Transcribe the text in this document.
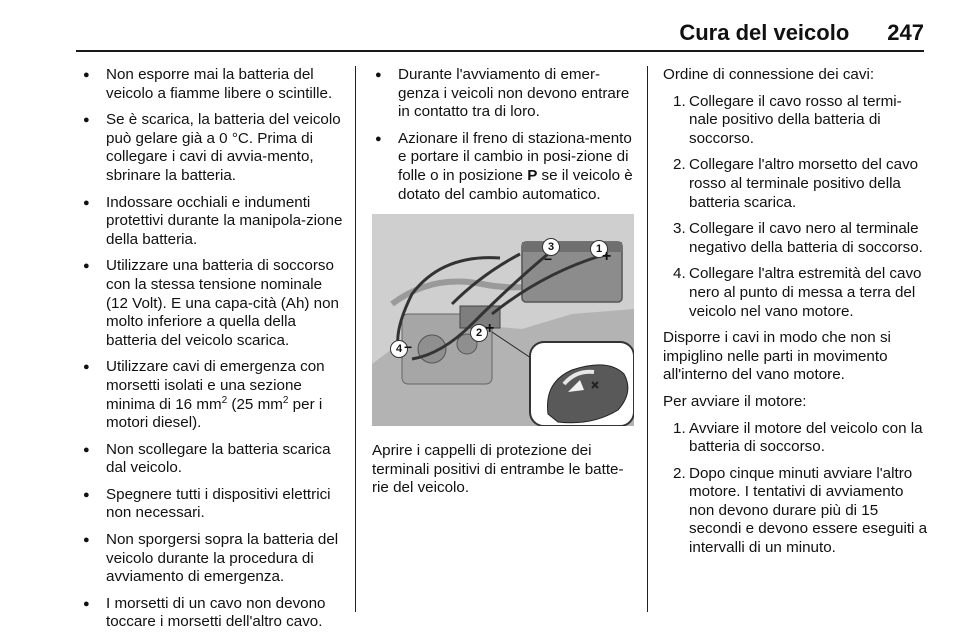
Cura del veicolo 247
● Non esporre mai la batteria del veicolo a fiamme libere o scintille.
● Se è scarica, la batteria del veicolo può gelare già a 0 °C. Prima di collegare i cavi di avvia-mento, sbrinare la batteria.
● Indossare occhiali e indumenti protettivi durante la manipola-zione della batteria.
● Utilizzare una batteria di soccorso con la stessa tensione nominale (12 Volt). E una capa-cità (Ah) non molto inferiore a quella della batteria del veicolo scarica.
● Utilizzare cavi di emergenza con morsetti isolati e una sezione minima di 16 $mm^2$ (25 $mm^2$ per i motori diesel).
● Non scollegare la batteria scarica dal veicolo.
● Spegnere tutti i dispositivi elettrici non necessari.
● Non sporgersi sopra la batteria del veicolo durante la procedura di avviamento di emergenza.
● I morsetti di un cavo non devono toccare i morsetti dell'altro cavo.
● Durante l'avviamento di emer-genza i veicoli non devono entrare in contatto tra di loro.
● Azionare il freno di staziona-mento e portare il cambio in posi-zione di folle o in posizione P se il veicolo è dotato del cambio automatico.
3
−
1 +
2 +
4 −

Aprire i cappelli di protezione dei terminali positivi di entrambe le batte-rie del veicolo.

Ordine di connessione dei cavi:

1. Collegare il cavo rosso al termi-nale positivo della batteria di soccorso.
2. Collegare l'altro morsetto del cavo rosso al terminale positivo della batteria scarica.
3. Collegare il cavo nero al terminale negativo della batteria di soccorso.
4. Collegare l'altra estremità del cavo nero al punto di messa a terra del veicolo nel vano motore.

Disporre i cavi in modo che non si impiglino nelle parti in movimento all'interno del vano motore.

Per avviare il motore:

1. Avviare il motore del veicolo con la batteria di soccorso.
2. Dopo cinque minuti avviare l'altro motore. I tentativi di avviamento non devono durare più di 15 secondi e devono essere eseguiti a intervalli di un minuto.
